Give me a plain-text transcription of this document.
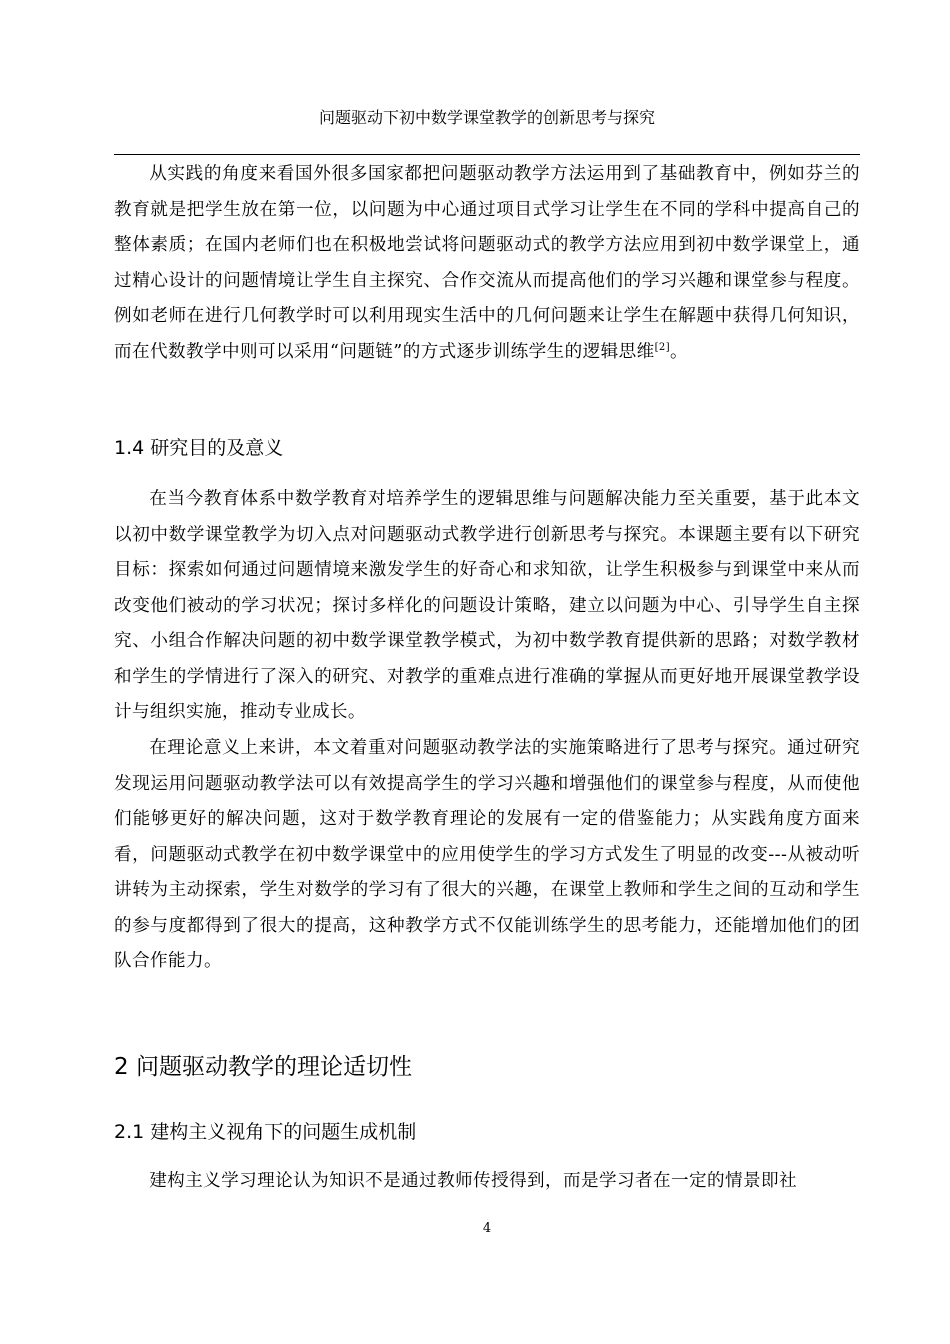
问题驱动下初中数学课堂教学的创新思考与探究

从实践的角度来看国外很多国家都把问题驱动教学方法运用到了基础教育中，例如芬兰的教育就是把学生放在第一位，以问题为中心通过项目式学习让学生在不同的学科中提高自己的整体素质；在国内老师们也在积极地尝试将问题驱动式的教学方法应用到初中数学课堂上，通过精心设计的问题情境让学生自主探究、合作交流从而提高他们的学习兴趣和课堂参与程度。例如老师在进行几何教学时可以利用现实生活中的几何问题来让学生在解题中获得几何知识，而在代数教学中则可以采用“问题链”的方式逐步训练学生的逻辑思维[2]。

1.4 研究目的及意义

在当今教育体系中数学教育对培养学生的逻辑思维与问题解决能力至关重要，基于此本文以初中数学课堂教学为切入点对问题驱动式教学进行创新思考与探究。本课题主要有以下研究目标：探索如何通过问题情境来激发学生的好奇心和求知欲，让学生积极参与到课堂中来从而改变他们被动的学习状况；探讨多样化的问题设计策略，建立以问题为中心、引导学生自主探究、小组合作解决问题的初中数学课堂教学模式，为初中数学教育提供新的思路；对数学教材和学生的学情进行了深入的研究、对教学的重难点进行准确的掌握从而更好地开展课堂教学设计与组织实施，推动专业成长。

在理论意义上来讲，本文着重对问题驱动教学法的实施策略进行了思考与探究。通过研究发现运用问题驱动教学法可以有效提高学生的学习兴趣和增强他们的课堂参与程度，从而使他们能够更好的解决问题，这对于数学教育理论的发展有一定的借鉴能力；从实践角度方面来看，问题驱动式教学在初中数学课堂中的应用使学生的学习方式发生了明显的改变---从被动听讲转为主动探索，学生对数学的学习有了很大的兴趣，在课堂上教师和学生之间的互动和学生的参与度都得到了很大的提高，这种教学方式不仅能训练学生的思考能力，还能增加他们的团队合作能力。

2 问题驱动教学的理论适切性
2.1 建构主义视角下的问题生成机制

建构主义学习理论认为知识不是通过教师传授得到，而是学习者在一定的情景即社

4
